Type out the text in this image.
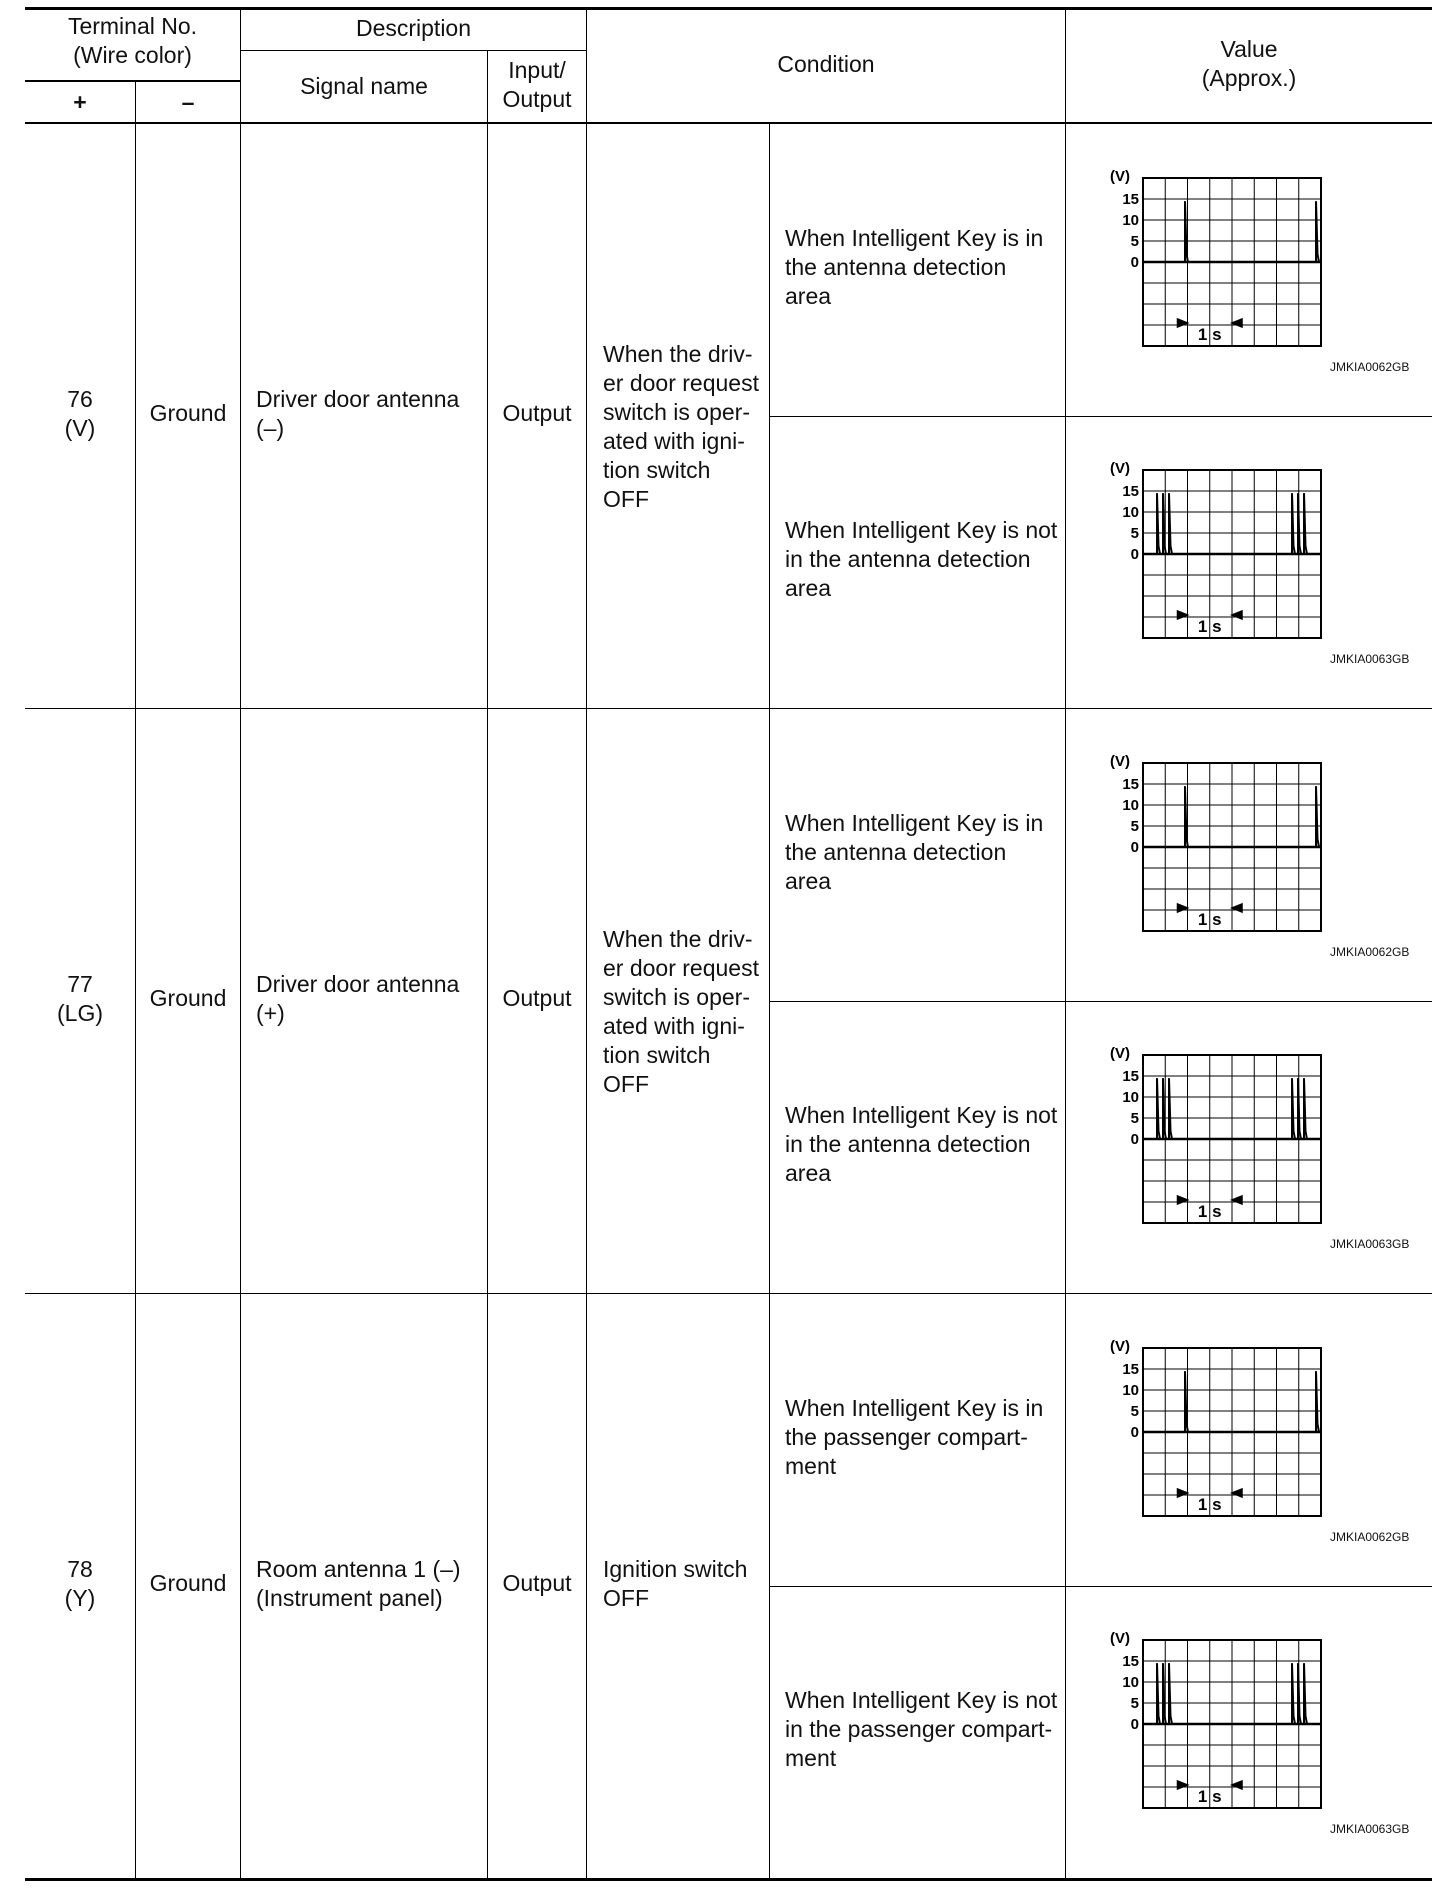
Terminal No.
(Wire color)
+	–
Description
Signal name
Input/
Output
Condition
Value
(Approx.)
76
(V)
Ground
Driver door antenna
(–)
Output
When the driv-
er door request
switch is oper-
ated with igni-
tion switch
OFF
When Intelligent Key is in
the antenna detection
area
When Intelligent Key is not
in the antenna detection
area
77
(LG)
Ground
Driver door antenna
(+)
Output
When the driv-
er door request
switch is oper-
ated with igni-
tion switch
OFF
When Intelligent Key is in
the antenna detection
area
When Intelligent Key is not
in the antenna detection
area
78
(Y)
Ground
Room antenna 1 (–)
(Instrument panel)
Output
Ignition switch
OFF
When Intelligent Key is in
the passenger compart-
ment
When Intelligent Key is not
in the passenger compart-
ment
(V)
15
10
5
0
1 s
JMKIA0062GB
(V)
15
10
5
0
1 s
JMKIA0063GB
(V)
15
10
5
0
1 s
JMKIA0062GB
(V)
15
10
5
0
1 s
JMKIA0063GB
(V)
15
10
5
0
1 s
JMKIA0062GB
(V)
15
10
5
0
1 s
JMKIA0063GB
